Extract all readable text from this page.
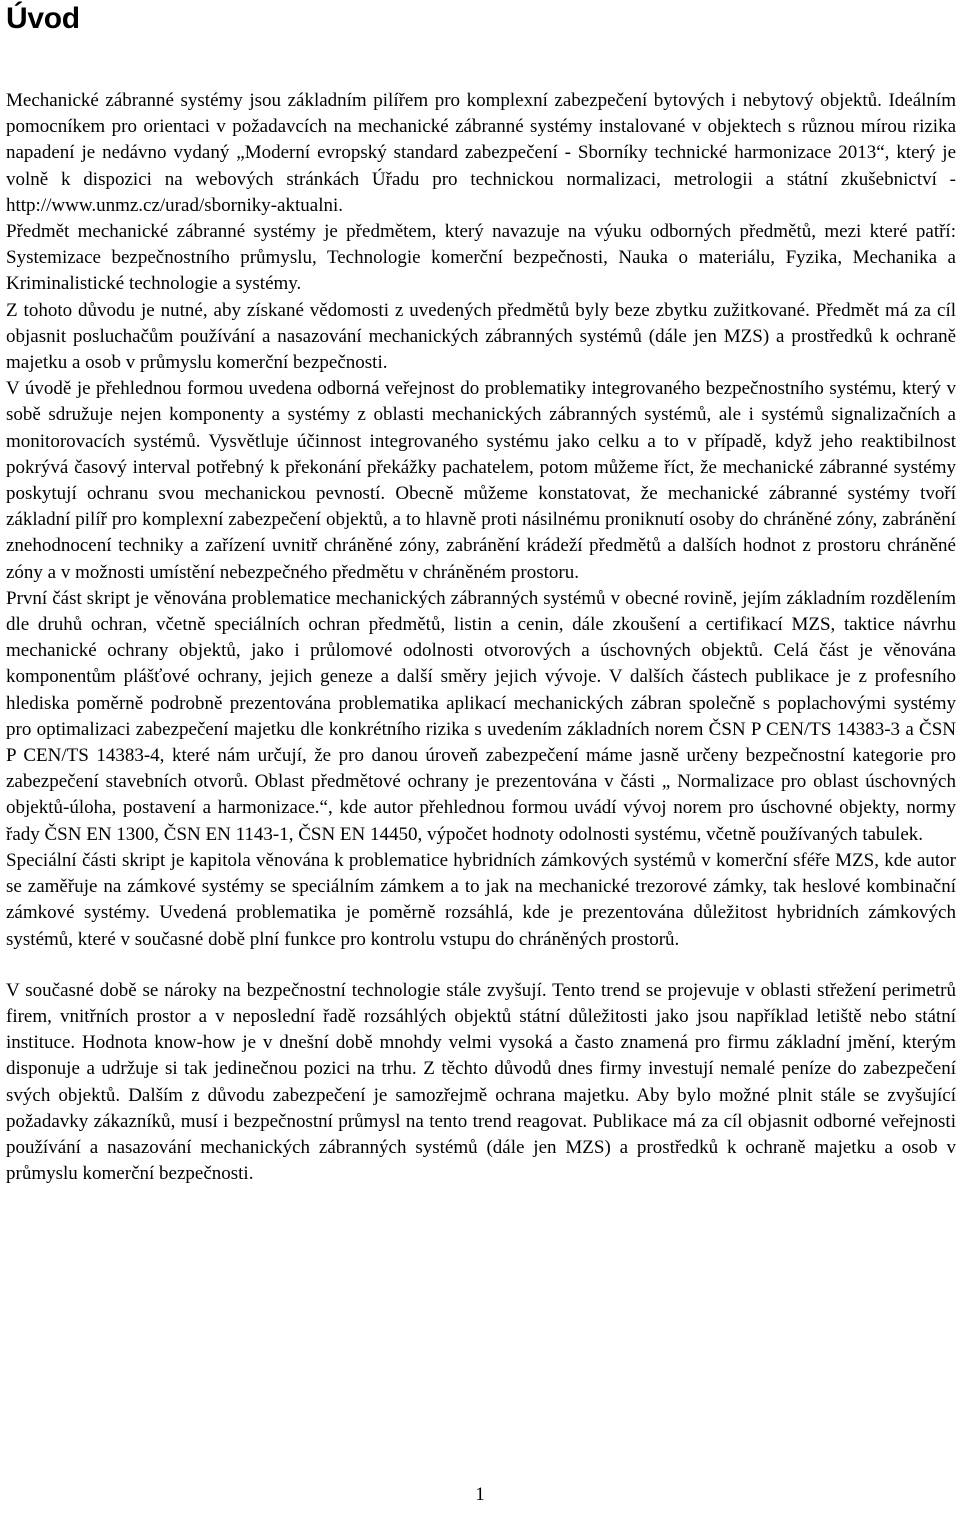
Úvod

Mechanické zábranné systémy jsou základním pilířem pro komplexní zabezpečení bytových i nebytový objektů. Ideálním pomocníkem pro orientaci v požadavcích na mechanické zábranné systémy instalované v objektech s různou mírou rizika napadení je nedávno vydaný „Moderní evropský standard zabezpečení - Sborníky technické harmonizace 2013“, který je volně k dispozici na webových stránkách Úřadu pro technickou normalizaci, metrologii a státní zkušebnictví - http://www.unmz.cz/urad/sborniky-aktualni.

Předmět mechanické zábranné systémy je předmětem, který navazuje na výuku odborných předmětů, mezi které patří: Systemizace bezpečnostního průmyslu, Technologie komerční bezpečnosti, Nauka o materiálu, Fyzika, Mechanika a Kriminalistické technologie a systémy.

Z tohoto důvodu je nutné, aby získané vědomosti z uvedených předmětů byly beze zbytku zužitkované. Předmět má za cíl objasnit posluchačům používání a nasazování mechanických zábranných systémů (dále jen MZS) a prostředků k ochraně majetku a osob v průmyslu komerční bezpečnosti.

V úvodě je přehlednou formou uvedena odborná veřejnost do problematiky integrovaného bezpečnostního systému, který v sobě sdružuje nejen komponenty a systémy z oblasti mechanických zábranných systémů, ale i systémů signalizačních a monitorovacích systémů. Vysvětluje účinnost integrovaného systému jako celku a to v případě, když jeho reaktibilnost pokrývá časový interval potřebný k překonání překážky pachatelem, potom můžeme říct, že mechanické zábranné systémy poskytují ochranu svou mechanickou pevností. Obecně můžeme konstatovat, že mechanické zábranné systémy tvoří základní pilíř pro komplexní zabezpečení objektů, a to hlavně proti násilnému proniknutí osoby do chráněné zóny, zabránění znehodnocení techniky a zařízení uvnitř chráněné zóny, zabránění krádeží předmětů a dalších hodnot z prostoru chráněné zóny a v možnosti umístění nebezpečného předmětu v chráněném prostoru.

První část skript je věnována problematice mechanických zábranných systémů v obecné rovině, jejím základním rozdělením dle druhů ochran, včetně speciálních ochran předmětů, listin a cenin, dále zkoušení a certifikací MZS, taktice návrhu mechanické ochrany objektů, jako i průlomové odolnosti otvorových a úschovných objektů. Celá část je věnována komponentům plášťové ochrany, jejich geneze a další směry jejich vývoje. V dalších částech publikace je z profesního hlediska poměrně podrobně prezentována problematika aplikací mechanických zábran společně s poplachovými systémy pro optimalizaci zabezpečení majetku dle konkrétního rizika s uvedením základních norem ČSN P CEN/TS 14383-3 a ČSN P CEN/TS 14383-4, které nám určují, že pro danou úroveň zabezpečení máme jasně určeny bezpečnostní kategorie pro zabezpečení stavebních otvorů. Oblast předmětové ochrany je prezentována v části „ Normalizace pro oblast úschovných objektů-úloha, postavení a harmonizace.“, kde autor přehlednou formou uvádí vývoj norem pro úschovné objekty, normy řady ČSN EN 1300, ČSN EN 1143-1, ČSN EN 14450, výpočet hodnoty odolnosti systému, včetně používaných tabulek.

Speciální části skript je kapitola věnována k problematice hybridních zámkových systémů v komerční sféře MZS, kde autor se zaměřuje na zámkové systémy se speciálním zámkem a to jak na mechanické trezorové zámky, tak heslové kombinační zámkové systémy. Uvedená problematika je poměrně rozsáhlá, kde je prezentována důležitost hybridních zámkových systémů, které v současné době plní funkce pro kontrolu vstupu do chráněných prostorů.

V současné době se nároky na bezpečnostní technologie stále zvyšují. Tento trend se projevuje v oblasti střežení perimetrů firem, vnitřních prostor a v neposlední řadě rozsáhlých objektů státní důležitosti jako jsou například letiště nebo státní instituce. Hodnota know-how je v dnešní době mnohdy velmi vysoká a často znamená pro firmu základní jmění, kterým disponuje a udržuje si tak jedinečnou pozici na trhu. Z těchto důvodů dnes firmy investují nemalé peníze do zabezpečení svých objektů. Dalším z důvodu zabezpečení je samozřejmě ochrana majetku. Aby bylo možné plnit stále se zvyšující požadavky zákazníků, musí i bezpečnostní průmysl na tento trend reagovat. Publikace má za cíl objasnit odborné veřejnosti používání a nasazování mechanických zábranných systémů (dále jen MZS) a prostředků k ochraně majetku a osob v průmyslu komerční bezpečnosti.

1
